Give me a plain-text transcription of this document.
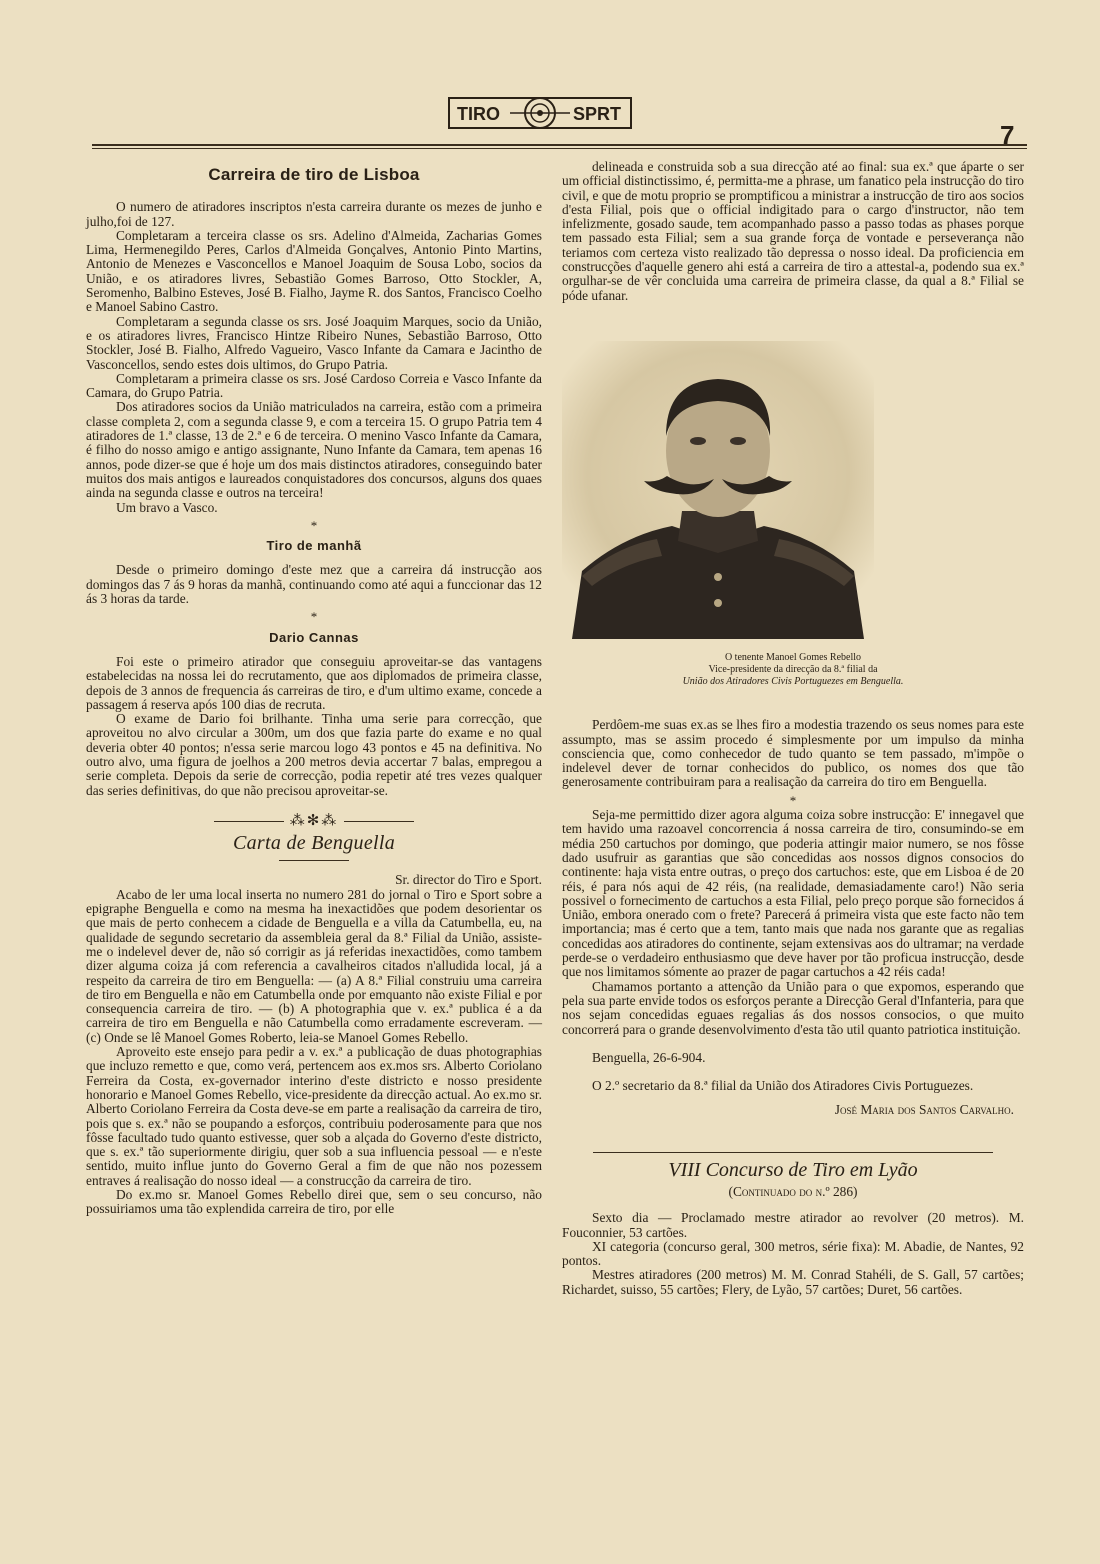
TIRO	SPRT
7
Carreira de tiro de Lisboa

O numero de atiradores inscriptos n'esta carreira durante os mezes de junho e julho,foi de 127.

Completaram a terceira classe os srs. Adelino d'Almeida, Zacharias Gomes Lima, Hermenegildo Peres, Carlos d'Almeida Gonçalves, Antonio Pinto Martins, Antonio de Menezes e Vasconcellos e Manoel Joaquim de Sousa Lobo, socios da União, e os atiradores livres, Sebastião Gomes Barroso, Otto Stockler, A, Seromenho, Balbino Esteves, José B. Fialho, Jayme R. dos Santos, Francisco Coelho e Manoel Sabino Castro.

Completaram a segunda classe os srs. José Joaquim Marques, socio da União, e os atiradores livres, Francisco Hintze Ribeiro Nunes, Sebastião Barroso, Otto Stockler, José B. Fialho, Alfredo Vagueiro, Vasco Infante da Camara e Jacintho de Vasconcellos, sendo estes dois ultimos, do Grupo Patria.

Completaram a primeira classe os srs. José Cardoso Correia e Vasco Infante da Camara, do Grupo Patria.

Dos atiradores socios da União matriculados na carreira, estão com a primeira classe completa 2, com a segunda classe 9, e com a terceira 15. O grupo Patria tem 4 atiradores de 1.ª classe, 13 de 2.ª e 6 de terceira. O menino Vasco Infante da Camara, é filho do nosso amigo e antigo assignante, Nuno Infante da Camara, tem apenas 16 annos, pode dizer-se que é hoje um dos mais distinctos atiradores, conseguindo bater muitos dos mais antigos e laureados conquistadores dos concursos, alguns dos quaes ainda na segunda classe e outros na terceira!

Um bravo a Vasco.

*
Tiro de manhã

Desde o primeiro domingo d'este mez que a carreira dá instrucção aos domingos das 7 ás 9 horas da manhã, continuando como até aqui a funccionar das 12 ás 3 horas da tarde.

*
Dario Cannas

Foi este o primeiro atirador que conseguiu aproveitar-se das vantagens estabelecidas na nossa lei do recrutamento, que aos diplomados de primeira classe, depois de 3 annos de frequencia ás carreiras de tiro, e d'um ultimo exame, concede a passagem á reserva após 100 dias de recruta.

O exame de Dario foi brilhante. Tinha uma serie para correcção, que aproveitou no alvo circular a 300m, um dos que fazia parte do exame e no qual deveria obter 40 pontos; n'essa serie marcou logo 43 pontos e 45 na definitiva. No outro alvo, uma figura de joelhos a 200 metros devia accertar 7 balas, empregou a serie completa. Depois da serie de correcção, podia repetir até tres vezes qualquer das series definitivas, do que não precisou aproveitar-se.

⁂✻⁂
Carta de Benguella

Sr. director do Tiro e Sport.

Acabo de ler uma local inserta no numero 281 do jornal o Tiro e Sport sobre a epigraphe Benguella e como na mesma ha inexactidões que podem desorientar os que mais de perto conhecem a cidade de Benguella e a villa da Catumbella, eu, na qualidade de segundo secretario da assembleia geral da 8.ª Filial da União, assiste-me o indelevel dever de, não só corrigir as já referidas inexactidões, como tambem dizer alguma coiza já com referencia a cavalheiros citados n'alludida local, já a respeito da carreira de tiro em Benguella: — (a) A 8.ª Filial construiu uma carreira de tiro em Benguella e não em Catumbella onde por emquanto não existe Filial e por consequencia carreira de tiro. — (b) A photographia que v. ex.ª publica é a da carreira de tiro em Benguella e não Catumbella como erradamente escreveram. — (c) Onde se lê Manoel Gomes Roberto, leia-se Manoel Gomes Rebello.

Aproveito este ensejo para pedir a v. ex.ª a publicação de duas photographias que incluzo remetto e que, como verá, pertencem aos ex.mos srs. Alberto Coriolano Ferreira da Costa, ex-governador interino d'este districto e nosso presidente honorario e Manoel Gomes Rebello, vice-presidente da direcção actual. Ao ex.mo sr. Alberto Coriolano Ferreira da Costa deve-se em parte a realisação da carreira de tiro, pois que s. ex.ª não se poupando a esforços, contribuiu poderosamente para que nos fôsse facultado tudo quanto estivesse, quer sob a alçada do Governo d'este districto, que s. ex.ª tão superiormente dirigiu, quer sob a sua influencia pessoal — e n'este sentido, muito influe junto do Governo Geral a fim de que não nos pozessem entraves á realisação do nosso ideal — a construcção da carreira de tiro.

Do ex.mo sr. Manoel Gomes Rebello direi que, sem o seu concurso, não possuiriamos uma tão explendida carreira de tiro, por elle

delineada e construida sob a sua direcção até ao final: sua ex.ª que áparte o ser um official distinctissimo, é, permitta-me a phrase, um fanatico pela instrucção do tiro civil, e que de motu proprio se promptificou a ministrar a instrucção de tiro aos socios d'esta Filial, pois que o official indigitado para o cargo d'instructor, não tem infelizmente, gosado saude, tem acompanhado passo a passo todas as phases porque tem passado esta Filial; sem a sua grande força de vontade e perseverança não teriamos com certeza visto realizado tão depressa o nosso ideal. Da proficiencia em construcções d'aquelle genero ahi está a carreira de tiro a attestal-a, podendo sua ex.ª orgulhar-se de vêr concluida uma carreira de primeira classe, da qual a 8.ª Filial se póde ufanar.

O tenente Manoel Gomes Rebello
Vice-presidente da direcção da 8.ª filial da
União dos Atiradores Civis Portuguezes em Benguella.

Perdôem-me suas ex.as se lhes firo a modestia trazendo os seus nomes para este assumpto, mas se assim procedo é simplesmente por um impulso da minha consciencia que, como conhecedor de tudo quanto se tem passado, m'impõe o indelevel dever de tornar conhecidos do publico, os nomes dos que tão generosamente contribuiram para a realisação da carreira do tiro em Benguella.

*

Seja-me permittido dizer agora alguma coiza sobre instrucção: E' innegavel que tem havido uma razoavel concorrencia á nossa carreira de tiro, consumindo-se em média 250 cartuchos por domingo, que poderia attingir maior numero, se nos fôsse dado usufruir as garantias que são concedidas aos nossos dignos consocios do continente: haja vista entre outras, o preço dos cartuchos: este, que em Lisboa é de 20 réis, é para nós aqui de 42 réis, (na realidade, demasiadamente caro!) Não seria possivel o fornecimento de cartuchos a esta Filial, pelo preço porque são fornecidos á União, embora onerado com o frete? Parecerá á primeira vista que este facto não tem importancia; mas é certo que a tem, tanto mais que nada nos garante que as regalias concedidas aos atiradores do continente, sejam extensivas aos do ultramar; na verdade perde-se o verdadeiro enthusiasmo que deve haver por tão proficua instrucção, desde que nos limitamos sómente ao prazer de pagar cartuchos a 42 réis cada!

Chamamos portanto a attenção da União para o que expomos, esperando que pela sua parte envide todos os esforços perante a Direcção Geral d'Infanteria, para que nos sejam concedidas eguaes regalias ás dos nossos consocios, o que muito concorrerá para o grande desenvolvimento d'esta tão util quanto patriotica instituição.

Benguella, 26-6-904.

O 2.º secretario da 8.ª filial da União dos Atiradores Civis Portuguezes.

José Maria dos Santos Carvalho.
VIII Concurso de Tiro em Lyão
(Continuado do n.º 286)

Sexto dia — Proclamado mestre atirador ao revolver (20 metros). M. Fouconnier, 53 cartões.

XI categoria (concurso geral, 300 metros, série fixa): M. Abadie, de Nantes, 92 pontos.

Mestres atiradores (200 metros) M. M. Conrad Stahéli, de S. Gall, 57 cartões; Richardet, suisso, 55 cartões; Flery, de Lyão, 57 cartões; Duret, 56 cartões.
